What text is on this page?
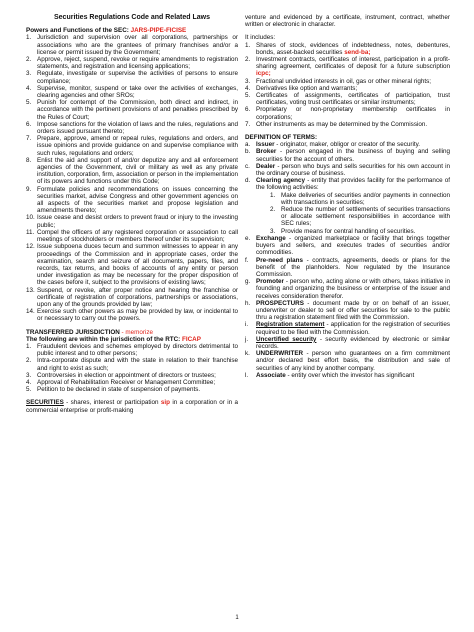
Securities Regulations Code and Related Laws

Powers and Functions of the SEC: JARS-PIPE-FICISE

1. Jurisdiction and supervision over all corporations, partnerships or associations who are the grantees of primary franchises and/or a license or permit issued by the Government;
2. Approve, reject, suspend, revoke or require amendments to registration statements, and registration and licensing applications;
3. Regulate, investigate or supervise the activities of persons to ensure compliance;
4. Supervise, monitor, suspend or take over the activities of exchanges, clearing agencies and other SROs;
5. Punish for contempt of the Commission, both direct and indirect, in accordance with the pertinent provisions of and penalties prescribed by the Rules of Court;
6. Impose sanctions for the violation of laws and the rules, regulations and orders issued pursuant thereto;
7. Prepare, approve, amend or repeal rules, regulations and orders, and issue opinions and provide guidance on and supervise compliance with such rules, regulations and orders;
8. Enlist the aid and support of and/or deputize any and all enforcement agencies of the Government, civil or military as well as any private institution, corporation, firm, association or person in the implementation of its powers and functions under this Code;
9. Formulate policies and recommendations on issues concerning the securities market, advise Congress and other government agencies on all aspects of the securities market and propose legislation and amendments thereto;
10. Issue cease and desist orders to prevent fraud or injury to the investing public;
11. Compel the officers of any registered corporation or association to call meetings of stockholders or members thereof under its supervision;
12. Issue subpoena duces tecum and summon witnesses to appear in any proceedings of the Commission and in appropriate cases, order the examination, search and seizure of all documents, papers, files, and records, tax returns, and books of accounts of any entity or person under investigation as may be necessary for the proper disposition of the cases before it, subject to the provisions of existing laws;
13. Suspend, or revoke, after proper notice and hearing the franchise or certificate of registration of corporations, partnerships or associations, upon any of the grounds provided by law;
14. Exercise such other powers as may be provided by law, or incidental to or necessary to carry out the powers.

TRANSFERRED JURISDICTION - memorize

The following are within the jurisdiction of the RTC: FICAP

1. Fraudulent devices and schemes employed by directors detrimental to public interest and to other persons;
2. Intra-corporate dispute and with the state in relation to their franchise and right to exist as such;
3. Controversies in election or appointment of directors or trustees;
4. Approval of Rehabilitation Receiver or Management Committee;
5. Petition to be declared in state of suspension of payments.

SECURITIES - shares, interest or participation sip in a corporation or in a commercial enterprise or profit-making

venture and evidenced by a certificate, instrument, contract, whether written or electronic in character.

It includes:

1. Shares of stock, evidences of indebtedness, notes, debentures, bonds, asset-backed securities send-ba;
2. Investment contracts, certificates of interest, participation in a profit-sharing agreement, certificates of deposit for a future subscription icpc;
3. Fractional undivided interests in oil, gas or other mineral rights;
4. Derivatives like option and warrants;
5. Certificates of assignments, certificates of participation, trust certificates, voting trust certificates or similar instruments;
6. Proprietary or non-proprietary membership certificates in corporations;
7. Other instruments as may be determined by the Commission.

DEFINITION OF TERMS:

a. Issuer - originator, maker, obligor or creator of the security.
b. Broker - person engaged in the business of buying and selling securities for the account of others.
c. Dealer - person who buys and sells securities for his own account in the ordinary course of business.
d. Clearing agency - entity that provides facility for the performance of the following activities:
1. Make deliveries of securities and/or payments in connection with transactions in securities;
2. Reduce the number of settlements of securities transactions or allocate settlement responsibilities in accordance with SEC rules;
3. Provide means for central handling of securities.
e. Exchange - organized marketplace or facility that brings together buyers and sellers, and executes trades of securities and/or commodities.
f.	Pre-need plans - contracts, agreements, deeds or plans for the benefit of the planholders. Now regulated by the Insurance Commission.
g. Promoter - person who, acting alone or with others, takes initiative in founding and organizing the business or enterprise of the issuer and receives consideration therefor.
h. PROSPECTURS - document made by or on behalf of an issuer, underwriter or dealer to sell or offer securities for sale to the public thru a registration statement filed with the Commission.
i.	Registration statement - application for the registration of securities required to be filed with the Commission.
j.	Uncertified security - security evidenced by electronic or similar records.
k. UNDERWRITER - person who guarantees on a firm commitment and/or declared best effort basis, the distribution and sale of securities of any kind by another company.
l.	Associate - entity over which the investor has significant
1
